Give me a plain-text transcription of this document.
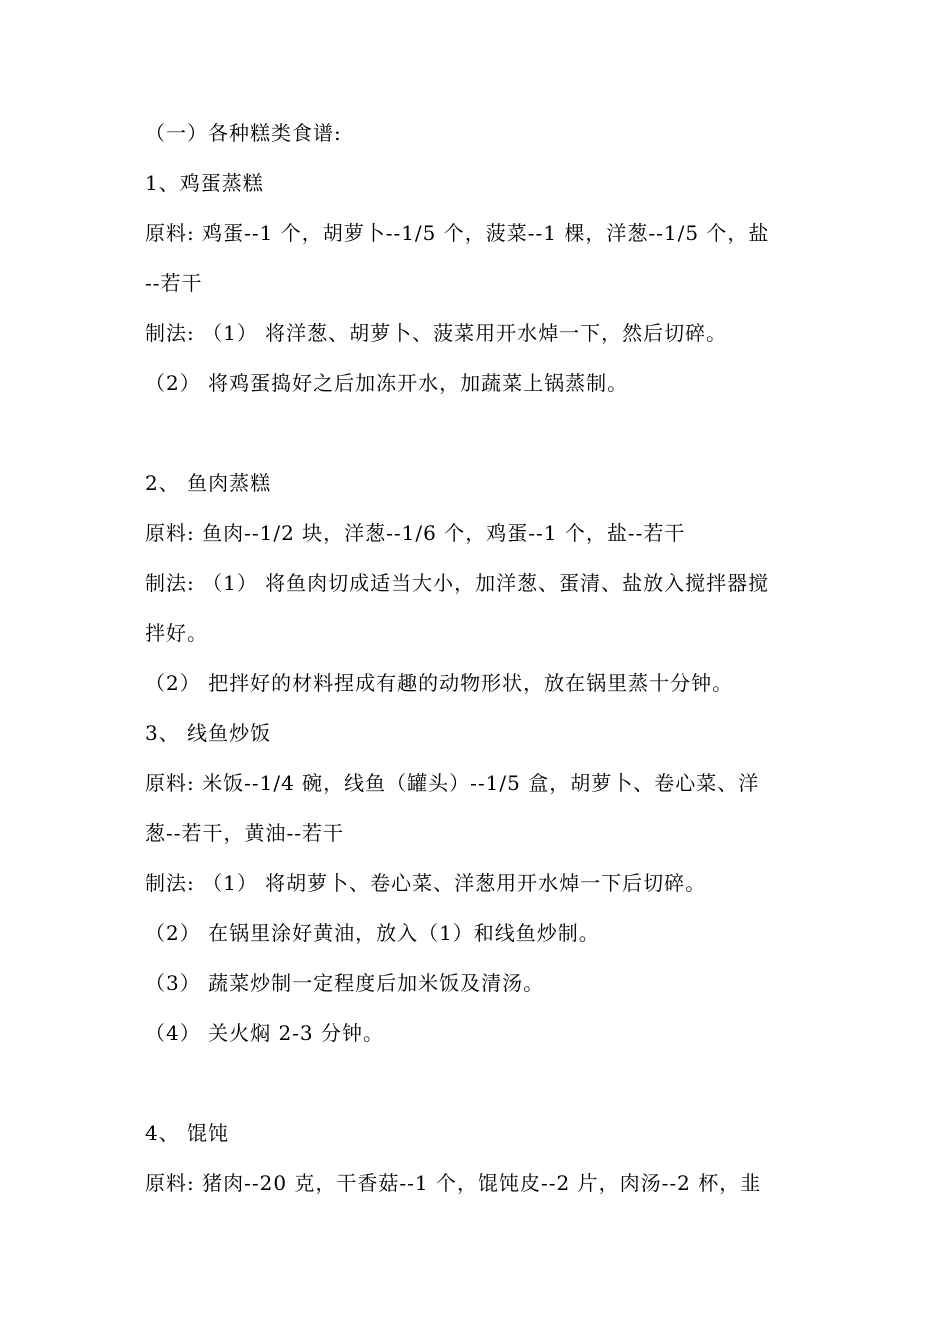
（一）各种糕类食谱:
1、鸡蛋蒸糕
原料: 鸡蛋--1 个，胡萝卜--1/5 个，菠菜--1 棵，洋葱--1/5 个，盐
--若干
制法: （1） 将洋葱、胡萝卜、菠菜用开水焯一下，然后切碎。
（2） 将鸡蛋捣好之后加冻开水，加蔬菜上锅蒸制。
2、 鱼肉蒸糕
原料: 鱼肉--1/2 块，洋葱--1/6 个，鸡蛋--1 个，盐--若干
制法: （1） 将鱼肉切成适当大小，加洋葱、蛋清、盐放入搅拌器搅
拌好。
（2） 把拌好的材料捏成有趣的动物形状，放在锅里蒸十分钟。
3、 线鱼炒饭
原料: 米饭--1/4 碗，线鱼（罐头）--1/5 盒，胡萝卜、卷心菜、洋
葱--若干，黄油--若干
制法: （1） 将胡萝卜、卷心菜、洋葱用开水焯一下后切碎。
（2） 在锅里涂好黄油，放入（1）和线鱼炒制。
（3） 蔬菜炒制一定程度后加米饭及清汤。
（4） 关火焖 2-3 分钟。
4、 馄饨
原料: 猪肉--20 克，干香菇--1 个，馄饨皮--2 片，肉汤--2 杯，韭
